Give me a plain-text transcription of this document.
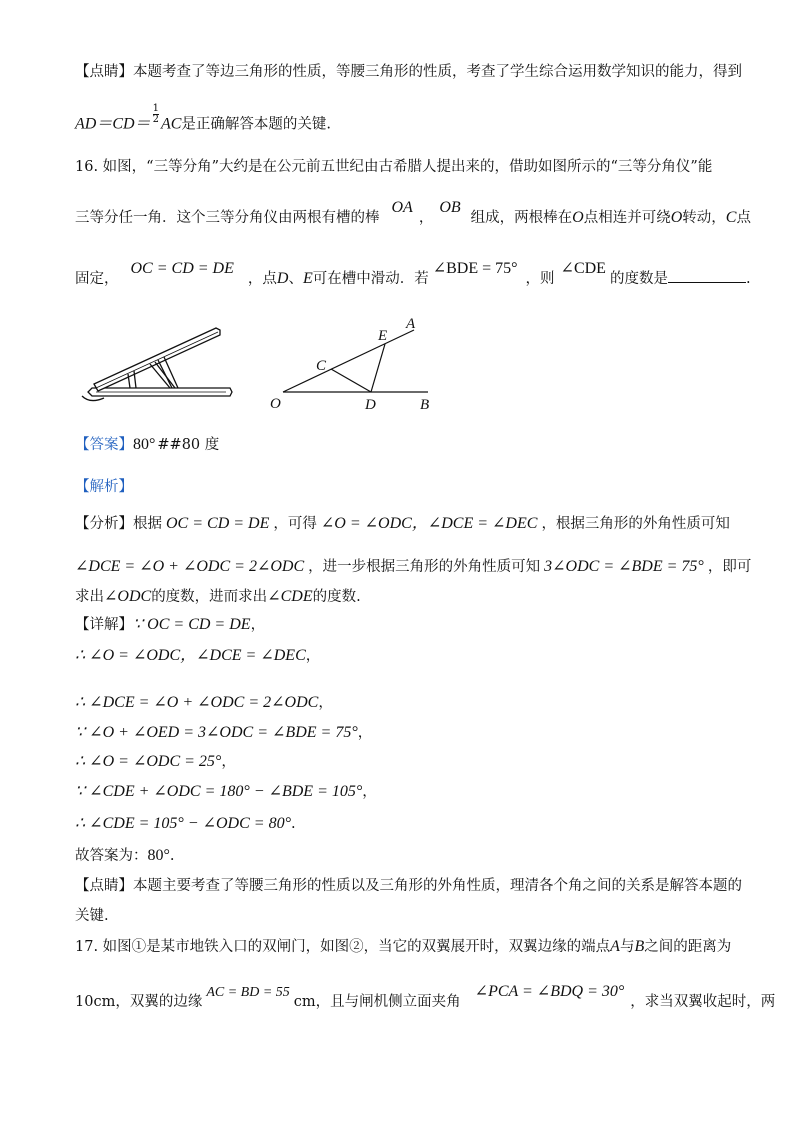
【点睛】本题考查了等边三角形的性质，等腰三角形的性质，考查了学生综合运用数学知识的能力，得到
$AD=CD= \frac{1}{2}$ AC是正确解答本题的关键.
16. 如图，“三等分角”大约是在公元前五世纪由古希腊人提出来的，借助如图所示的“三等分角仪”能
三等分任一角．这个三等分角仪由两根有槽的棒OA，OB组成，两根棒在O点相连并可绕O转动，C点
固定，OC = CD = DE，点D、E可在槽中滑动．若∠BDE = 75°，则∠CDE的度数是	.
A
E
C
O	D	B
【答案】80° ##80 度
【解析】
【分析】根据 OC = CD = DE ，可得 ∠O = ∠ODC，∠DCE = ∠DEC ，根据三角形的外角性质可知
∠DCE = ∠O + ∠ODC = 2∠ODC ，进一步根据三角形的外角性质可知 3∠ODC = ∠BDE = 75° ，即可
求出∠ODC的度数，进而求出∠CDE的度数.
【详解】∵ OC = CD = DE，
∴ ∠O = ∠ODC，∠DCE = ∠DEC，
∴ ∠DCE = ∠O + ∠ODC = 2∠ODC，
∵ ∠O + ∠OED = 3∠ODC = ∠BDE = 75°，
∴ ∠O = ∠ODC = 25°，
∵ ∠CDE + ∠ODC = 180° − ∠BDE = 105°，
∴ ∠CDE = 105° − ∠ODC = 80°.
故答案为：80°.
【点睛】本题主要考查了等腰三角形的性质以及三角形的外角性质，理清各个角之间的关系是解答本题的
关键.
17. 如图①是某市地铁入口的双闸门，如图②，当它的双翼展开时，双翼边缘的端点A与B之间的距离为
10cm，双翼的边缘AC = BD = 55cm，且与闸机侧立面夹角∠PCA = ∠BDQ = 30°，求当双翼收起时，两
